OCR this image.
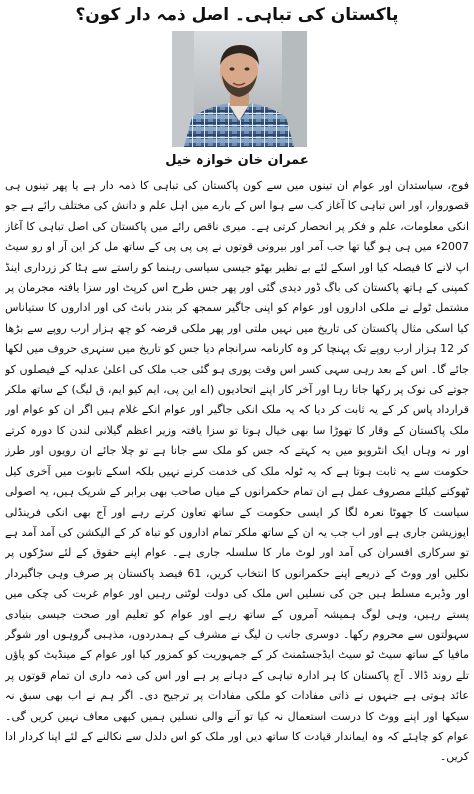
پاکستان کی تباہی۔ اصل ذمہ دار کون؟
عمران خان خوازہ خیل

فوج، سیاستدان اور عوام ان تینوں میں سے کون پاکستان کی تباہی کا ذمہ دار ہے یا پھر تینوں ہی قصوروار، اور اس تباہی کا آغاز کب سے ہوا اس کے بارے میں اہل علم و دانش کی مختلف رائے ہے جو انکی معلومات، علم و فکر پر انحصار کرتی ہے۔ میری ناقص رائے میں پاکستان کی اصل تباہی کا آغاز 2007ء میں ہی ہو گیا تھا جب آمر اور بیرونی قوتوں نے پی پی پی کے ساتھ مل کر این آر او رو سیٹ اپ لانے کا فیصلہ کیا اور اسکے لئے بے نظیر بھٹو جیسی سیاسی رہنما کو راستے سے ہٹا کر زرداری اینڈ کمپنی کے ہاتھ پاکستان کی باگ ڈور دیدی گئی اور پھر جس طرح اس کرپٹ اور سزا یافتہ مجرمان پر مشتمل ٹولے نے ملکی اداروں اور عوام کو اپنی جاگیر سمجھ کر بندر بانٹ کی اور اداروں کا ستیاناس کیا اسکی مثال پاکستان کی تاریخ میں نہیں ملتی اور پھر ملکی قرضہ کو چھ ہزار ارب روپے سے بڑھا کر 12 ہزار ارب روپے تک پہنچا کر وہ کارنامہ سرانجام دیا جس کو تاریخ میں سنہری حروف میں لکھا جائے گا۔ اس کے بعد رہی سہی کسر اس وقت پوری ہو گئی جب ملک کی اعلیٰ عدلیہ کے فیصلوں کو جوتے کی نوک پر رکھا جاتا رہا اور آخر کار اپنے اتحادیوں (اے این پی، ایم کیو ایم، ق لیگ) کے ساتھ ملکر قرارداد پاس کر کے یہ ثابت کر دیا کہ یہ ملک انکی جاگیر اور عوام انکے غلام ہیں اگر ان کو عوام اور ملک پاکستان کے وقار کا تھوڑا سا بھی خیال ہوتا تو سزا یافتہ وزیر اعظم گیلانی لندن کا دورہ کرتے اور نہ وہاں ایک انٹرویو میں یہ کہتے کہ جس کو ملک سے جانا ہے تو چلا جائے ان رویوں اور طرز حکومت سے یہ ثابت ہوتا ہے کہ یہ ٹولہ ملک کی خدمت کرنے نہیں بلکہ اسکے تابوت میں آخری کیل ٹھوکنے کیلئے مصروف عمل ہے ان تمام حکمرانوں کے میاں صاحب بھی برابر کے شریک ہیں، یہ اصولی سیاست کا جھوٹا نعرہ لگا کر ایسی حکومت کے ساتھ تعاون کرتے رہے اور آج بھی انکی فرینڈلی اپوزیشن جاری ہے اور اب جب یہ ان کے ساتھ ملکر تمام اداروں کو تباہ کر کے الیکشن کی آمد آمد ہے تو سرکاری افسران کی آمد اور لوٹ مار کا سلسلہ جاری ہے۔ عوام اپنے حقوق کے لئے سڑکوں پر نکلیں اور ووٹ کے ذریعے اپنے حکمرانوں کا انتخاب کریں، 61 فیصد پاکستان پر صرف وہی جاگیردار اور وڈیرے مسلط ہیں جن کی نسلیں اس ملک کی دولت لوٹتی رہیں اور عوام غربت کی چکی میں پستے رہیں، وہی لوگ ہمیشہ آمروں کے ساتھ رہے اور عوام کو تعلیم اور صحت جیسی بنیادی سہولتوں سے محروم رکھا۔ دوسری جانب ن لیگ نے مشرف کے ہمدردوں، مذہبی گروہوں اور شوگر مافیا کے ساتھ سیٹ ٹو سیٹ ایڈجسٹمنٹ کر کے جمہوریت کو کمزور کیا اور عوام کے مینڈیٹ کو پاؤں تلے روند ڈالا۔ آج پاکستان کا ہر ادارہ تباہی کے دہانے پر ہے اور اس کی ذمہ داری ان تمام قوتوں پر عائد ہوتی ہے جنہوں نے ذاتی مفادات کو ملکی مفادات پر ترجیح دی۔ اگر ہم نے اب بھی سبق نہ سیکھا اور اپنے ووٹ کا درست استعمال نہ کیا تو آنے والی نسلیں ہمیں کبھی معاف نہیں کریں گی۔ عوام کو چاہئے کہ وہ ایماندار قیادت کا ساتھ دیں اور ملک کو اس دلدل سے نکالنے کے لئے اپنا کردار ادا کریں۔
